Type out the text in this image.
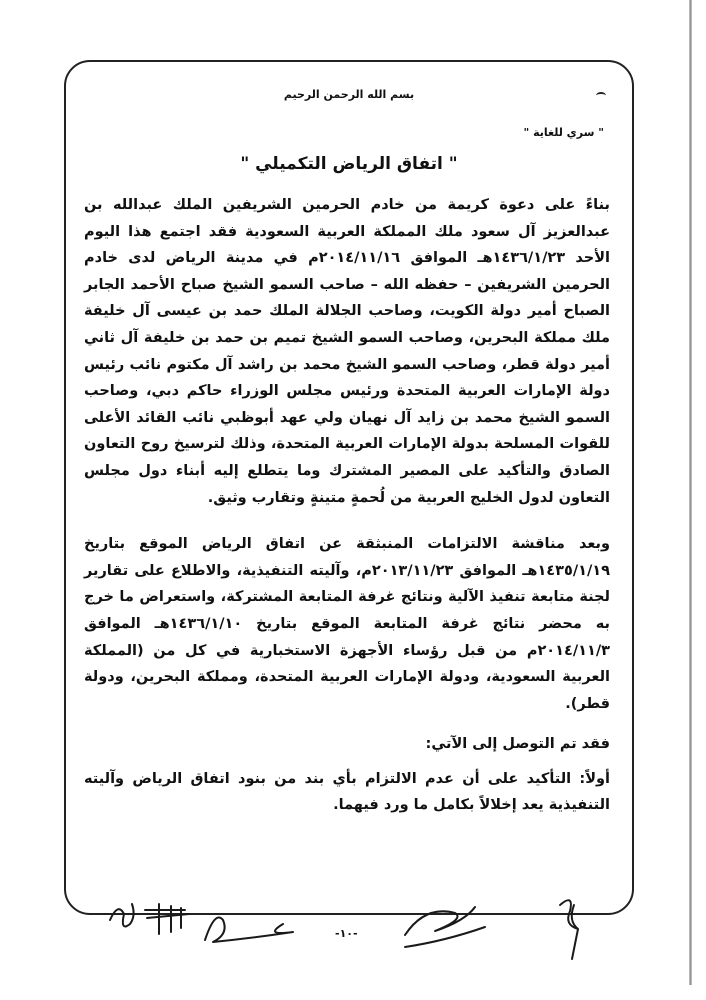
بسم الله الرحمن الرحيم
" سري للغاية "
" اتفاق الرياض التكميلي "

بناءً على دعوة كريمة من خادم الحرمين الشريفين الملك عبدالله بن عبدالعزيز آل سعود ملك المملكة العربية السعودية فقد اجتمع هذا اليوم الأحد ١٤٣٦/١/٢٣هـ الموافق ٢٠١٤/١١/١٦م في مدينة الرياض لدى خادم الحرمين الشريفين – حفظه الله – صاحب السمو الشيخ صباح الأحمد الجابر الصباح أمير دولة الكويت، وصاحب الجلالة الملك حمد بن عيسى آل خليفة ملك مملكة البحرين، وصاحب السمو الشيخ تميم بن حمد بن خليفة آل ثاني أمير دولة قطر، وصاحب السمو الشيخ محمد بن راشد آل مكتوم نائب رئيس دولة الإمارات العربية المتحدة ورئيس مجلس الوزراء حاكم دبي، وصاحب السمو الشيخ محمد بن زايد آل نهيان ولي عهد أبوظبي نائب القائد الأعلى للقوات المسلحة بدولة الإمارات العربية المتحدة، وذلك لترسيخ روح التعاون الصادق والتأكيد على المصير المشترك وما يتطلع إليه أبناء دول مجلس التعاون لدول الخليج العربية من لُحمةٍ متينةٍ وتقارب وثيق.

وبعد مناقشة الالتزامات المنبثقة عن اتفاق الرياض الموقع بتاريخ ١٤٣٥/١/١٩هـ الموافق ٢٠١٣/١١/٢٣م، وآليته التنفيذية، والاطلاع على تقارير لجنة متابعة تنفيذ الآلية ونتائج غرفة المتابعة المشتركة، واستعراض ما خرج به محضر نتائج غرفة المتابعة الموقع بتاريخ ١٤٣٦/١/١٠هـ الموافق ٢٠١٤/١١/٣م من قبل رؤساء الأجهزة الاستخبارية في كل من (المملكة العربية السعودية، ودولة الإمارات العربية المتحدة، ومملكة البحرين، ودولة قطر).

فقد تم التوصل إلى الآتي:

أولاً: التأكيد على أن عدم الالتزام بأي بند من بنود اتفاق الرياض وآليته التنفيذية يعد إخلالاً بكامل ما ورد فيهما.

-١٠-
